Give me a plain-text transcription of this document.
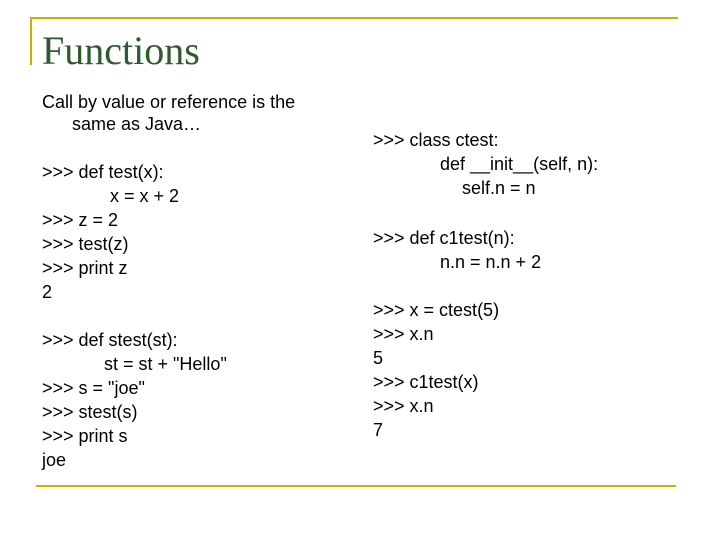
Functions
Call by value or reference is the
same as Java…
>>> def test(x):
x = x + 2
>>> z = 2
>>> test(z)
>>> print z
2
>>> def stest(st):
st = st + "Hello"
>>> s = "joe"
>>> stest(s)
>>> print s
joe
>>> class ctest:
def __init__(self, n):
self.n = n
>>> def c1test(n):
n.n = n.n + 2
>>> x = ctest(5)
>>> x.n
5
>>> c1test(x)
>>> x.n
7
